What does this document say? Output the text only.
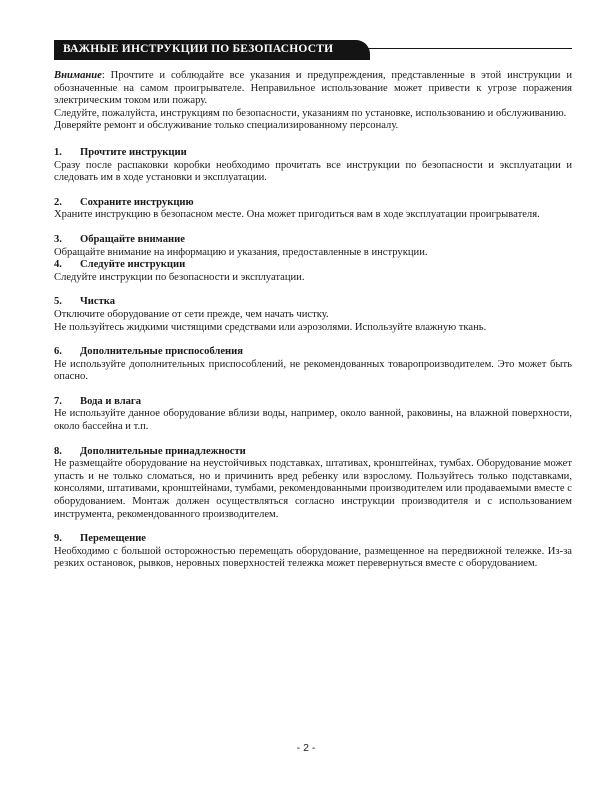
ВАЖНЫЕ ИНСТРУКЦИИ ПО БЕЗОПАСНОСТИ

Внимание: Прочтите и соблюдайте все указания и предупреждения, представленные в этой инструкции и обозначенные на самом проигрывателе. Неправильное использование может привести к угрозе поражения электрическим током или пожару.

Следуйте, пожалуйста, инструкциям по безопасности, указаниям по установке, использованию и обслуживанию.

Доверяйте ремонт и обслуживание только специализированному персоналу.

1. Прочтите инструкции

Сразу после распаковки коробки необходимо прочитать все инструкции по безопасности и эксплуатации и следовать им в ходе установки и эксплуатации.

2. Сохраните инструкцию

Храните инструкцию в безопасном месте. Она может пригодиться вам в ходе эксплуатации проигрывателя.

3. Обращайте внимание

Обращайте внимание на информацию и указания, предоставленные в инструкции.

4. Следуйте инструкции

Следуйте инструкции по безопасности и эксплуатации.

5. Чистка

Отключите оборудование от сети прежде, чем начать чистку.

Не пользуйтесь жидкими чистящими средствами или аэрозолями. Используйте влажную ткань.

6. Дополнительные приспособления

Не используйте дополнительных приспособлений, не рекомендованных товаропроизводителем. Это может быть опасно.

7. Вода и влага

Не используйте данное оборудование вблизи воды, например, около ванной, раковины, на влажной поверхности, около бассейна и т.п.

8. Дополнительные принадлежности

Не размещайте оборудование на неустойчивых подставках, штативах, кронштейнах, тумбах. Оборудование может упасть и не только сломаться, но и причинить вред ребенку или взрослому. Пользуйтесь только подставками, консолями, штативами, кронштейнами, тумбами, рекомендованными производителем или продаваемыми вместе с оборудованием. Монтаж должен осуществляться согласно инструкции производителя и с использованием инструмента, рекомендованного производителем.

9. Перемещение

Необходимо с большой осторожностью перемещать оборудование, размещенное на передвижной тележке. Из-за резких остановок, рывков, неровных поверхностей тележка может перевернуться вместе с оборудованием.

- 2 -
